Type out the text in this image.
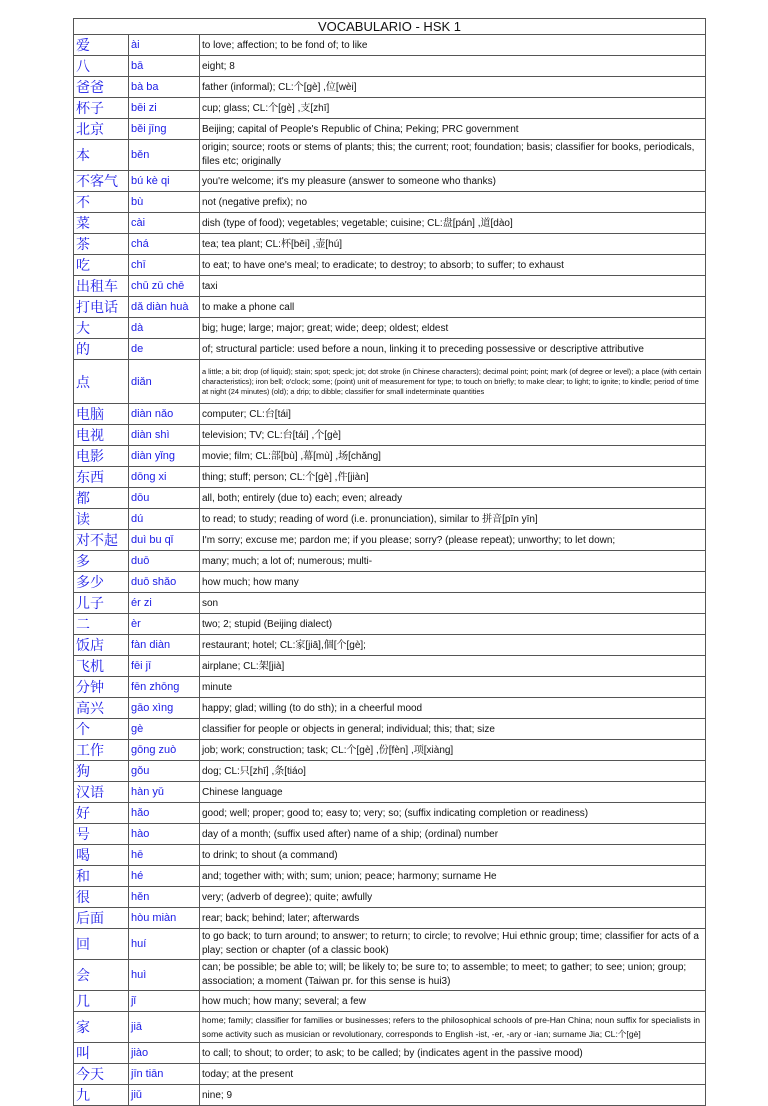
VOCABULARIO - HSK 1		
爱	ài	to love; affection; to be fond of; to like
八	bā	eight; 8
爸爸	bà ba	father (informal); CL:个[gè] ,位[wèi]
杯子	bēi zi	cup; glass; CL:个[gè] ,支[zhī]
北京	běi jīng	Beijing; capital of People's Republic of China; Peking; PRC government
本	běn	origin; source; roots or stems of plants; this; the current; root; foundation; basis; classifier for books, periodicals, files etc; originally
不客气	bú kè qi	you're welcome; it's my pleasure (answer to someone who thanks)
不	bù	not (negative prefix); no
菜	cài	dish (type of food); vegetables; vegetable; cuisine; CL:盘[pán] ,道[dào]
茶	chá	tea; tea plant; CL:杯[bēi] ,壶[hú]
吃	chī	to eat; to have one's meal; to eradicate; to destroy; to absorb; to suffer; to exhaust
出租车	chū zū chē	taxi
打电话	dǎ diàn huà	to make a phone call
大	dà	big; huge; large; major; great; wide; deep; oldest; eldest
的	de	of; structural particle: used before a noun, linking it to preceding possessive or descriptive attributive
点	diǎn	a little; a bit; drop (of liquid); stain; spot; speck; jot; dot stroke (in Chinese characters); decimal point; point; mark (of degree or level); a place (with certain characteristics); iron bell; o'clock; some; (point) unit of measurement for type; to touch on briefly; to make clear; to light; to ignite; to kindle; period of time at night (24 minutes) (old); a drip; to dibble; classifier for small indeterminate quantities
电脑	diàn nǎo	computer; CL:台[tái]
电视	diàn shì	television; TV; CL:台[tái] ,个[gè]
电影	diàn yǐng	movie; film; CL:部[bù] ,幕[mù] ,场[chǎng]
东西	dōng xi	thing; stuff; person; CL:个[gè] ,件[jiàn]
都	dōu	all, both; entirely (due to) each; even; already
读	dú	to read; to study; reading of word (i.e. pronunciation), similar to 拼音[pīn yīn]
对不起	duì bu qǐ	I'm sorry; excuse me; pardon me; if you please; sorry? (please repeat); unworthy; to let down;
多	duō	many; much; a lot of; numerous; multi-
多少	duō shǎo	how much; how many
儿子	ér zi	son
二	èr	two; 2; stupid (Beijing dialect)
饭店	fàn diàn	restaurant; hotel; CL:家[jiā],個[个[gè];
飞机	fēi jī	airplane; CL:架[jià]
分钟	fēn zhōng	minute
高兴	gāo xìng	happy; glad; willing (to do sth); in a cheerful mood
个	gè	classifier for people or objects in general; individual; this; that; size
工作	gōng zuò	job; work; construction; task; CL:个[gè] ,份[fèn] ,项[xiàng]
狗	gǒu	dog; CL:只[zhī] ,条[tiáo]
汉语	hàn yǔ	Chinese language
好	hǎo	good; well; proper; good to; easy to; very; so; (suffix indicating completion or readiness)
号	hào	day of a month; (suffix used after) name of a ship; (ordinal) number
喝	hē	to drink; to shout (a command)
和	hé	and; together with; with; sum; union; peace; harmony; surname He
很	hěn	very; (adverb of degree); quite; awfully
后面	hòu miàn	rear; back; behind; later; afterwards
回	huí	to go back; to turn around; to answer; to return; to circle; to revolve; Hui ethnic group; time; classifier for acts of a play; section or chapter (of a classic book)
会	huì	can; be possible; be able to; will; be likely to; be sure to; to assemble; to meet; to gather; to see; union; group; association; a moment (Taiwan pr. for this sense is hui3)
几	jǐ	how much; how many; several; a few
家	jiā	home; family; classifier for families or businesses; refers to the philosophical schools of pre-Han China; noun suffix for specialists in some activity such as musician or revolutionary, corresponds to English -ist, -er, -ary or -ian; surname Jia; CL:个[gè]
叫	jiào	to call; to shout; to order; to ask; to be called; by (indicates agent in the passive mood)
今天	jīn tiān	today; at the present
九	jiǔ	nine; 9
